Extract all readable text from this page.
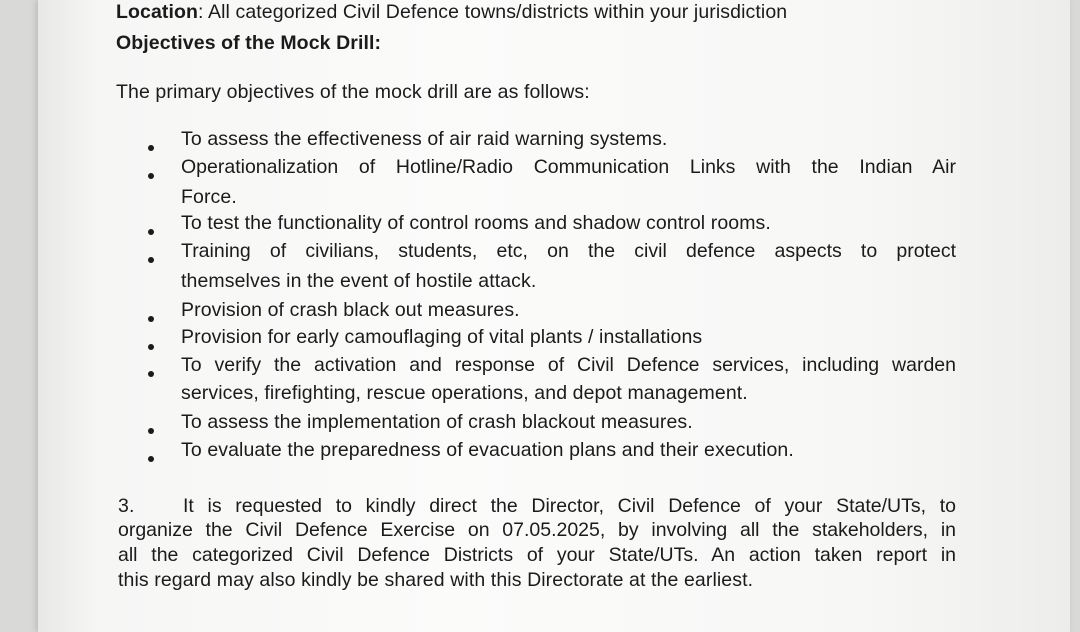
Location: All categorized Civil Defence towns/districts within your jurisdiction
Objectives of the Mock Drill:
The primary objectives of the mock drill are as follows:
To assess the effectiveness of air raid warning systems.
Operationalization of Hotline/Radio Communication Links with the Indian Air
Force.
To test the functionality of control rooms and shadow control rooms.
Training of civilians, students, etc, on the civil defence aspects to protect
themselves in the event of hostile attack.
Provision of crash black out measures.
Provision for early camouflaging of vital plants / installations
To verify the activation and response of Civil Defence services, including warden
services, firefighting, rescue operations, and depot management.
To assess the implementation of crash blackout measures.
To evaluate the preparedness of evacuation plans and their execution.
3. It is requested to kindly direct the Director, Civil Defence of your State/UTs, to
organize the Civil Defence Exercise on 07.05.2025, by involving all the stakeholders, in
all the categorized Civil Defence Districts of your State/UTs. An action taken report in
this regard may also kindly be shared with this Directorate at the earliest.
